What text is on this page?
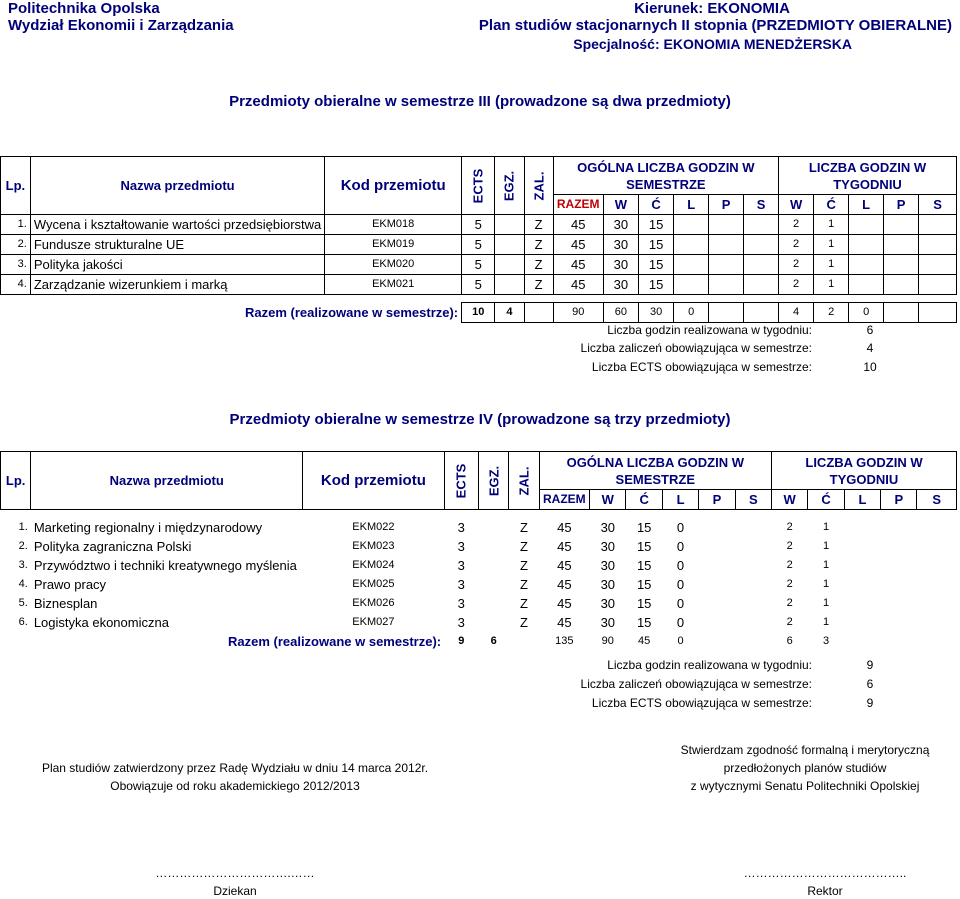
Politechnika Opolska
Wydział Ekonomii i Zarządzania
Kierunek: EKONOMIA
Plan studiów stacjonarnych II stopnia (PRZEDMIOTY OBIERALNE)
Specjalność: EKONOMIA MENEDŻERSKA
Przedmioty obieralne w semestrze III (prowadzone są dwa przedmioty)
Lp.	Nazwa przedmiotu	Kod przemiotu	ECTS	EGZ.	ZAL.	OGÓLNA LICZBA GODZIN W SEMESTRZE						LICZBA GODZIN W TYGODNIU				
						RAZEM	W	Ć	L	P	S	W	Ć	L	P	S
1.	Wycena i kształtowanie wartości przedsiębiorstwa	EKM018	5		Z	45	30	15				2	1			
2.	Fundusze strukturalne UE	EKM019	5		Z	45	30	15				2	1			
3.	Polityka jakości	EKM020	5		Z	45	30	15				2	1			
4.	Zarządzanie wizerunkiem i marką	EKM021	5		Z	45	30	15				2	1			

Razem (realizowane w semestrze):			10	4		90	60	30	0			4	2	0		
Liczba godzin realizowana w tygodniu:	6
Liczba zaliczeń obowiązująca w semestrze:	4
Liczba ECTS obowiązująca w semestrze:	10
Przedmioty obieralne w semestrze IV (prowadzone są trzy przedmioty)
Lp.	Nazwa przedmiotu	Kod przemiotu	ECTS	EGZ.	ZAL.	OGÓLNA LICZBA GODZIN W SEMESTRZE						LICZBA GODZIN W TYGODNIU				
						RAZEM	W	Ć	L	P	S	W	Ć	L	P	S

1.	Marketing regionalny i międzynarodowy	EKM022	3		Z	45	30	15	0			2	1			
2.	Polityka zagraniczna Polski	EKM023	3		Z	45	30	15	0			2	1			
3.	Przywództwo i techniki kreatywnego myślenia	EKM024	3		Z	45	30	15	0			2	1			
4.	Prawo pracy	EKM025	3		Z	45	30	15	0			2	1			
5.	Biznesplan	EKM026	3		Z	45	30	15	0			2	1			
6.	Logistyka ekonomiczna	EKM027	3		Z	45	30	15	0			2	1			
Razem (realizowane w semestrze):			9	6		135	90	45	0			6	3			
Liczba godzin realizowana w tygodniu:	9
Liczba zaliczeń obowiązująca w semestrze:	6
Liczba ECTS obowiązująca w semestrze:	9
Plan studiów zatwierdzony przez Radę Wydziału w dniu 14 marca 2012r.
Obowiązuje od roku akademickiego 2012/2013
Stwierdzam zgodność formalną i merytoryczną
przedłożonych planów studiów
z wytycznymi Senatu Politechniki Opolskiej
…………………………….……
Dziekan
…………………………………..
Rektor
